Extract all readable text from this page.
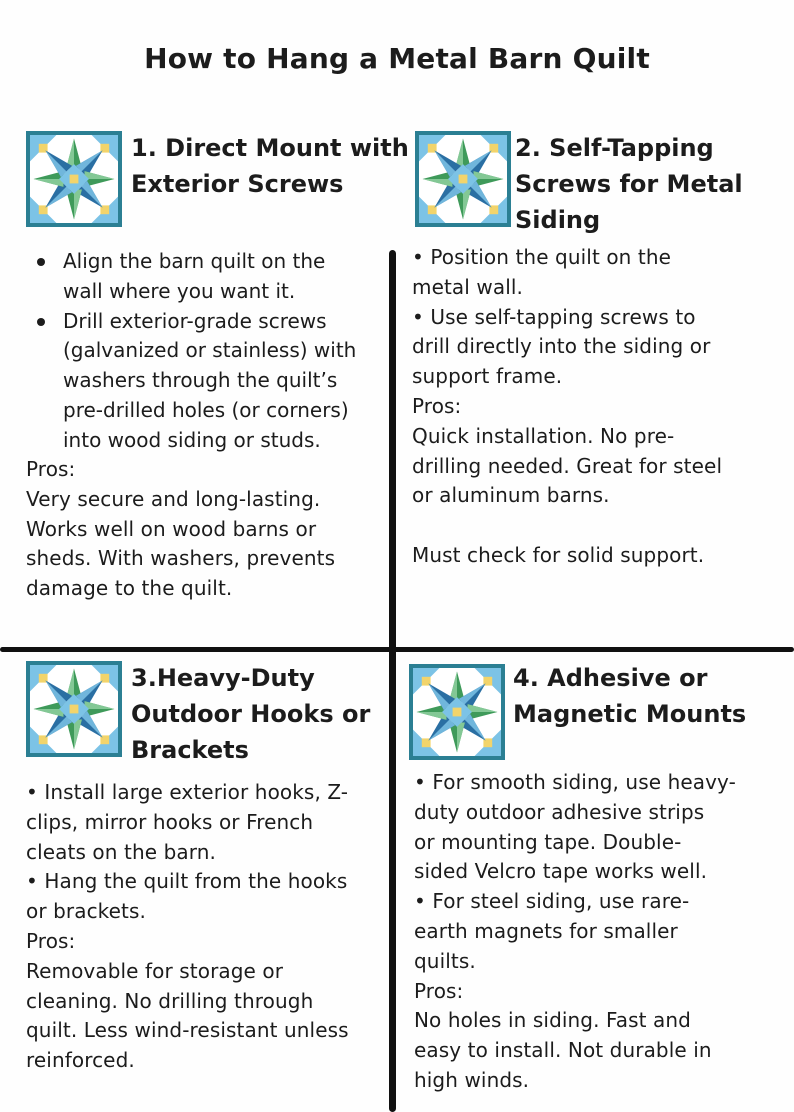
How to Hang a Metal Barn Quilt
1. Direct Mount with
Exterior Screws
Align the barn quilt on the
wall where you want it.
Drill exterior-grade screws
(galvanized or stainless) with
washers through the quilt’s
pre-drilled holes (or corners)
into wood siding or studs.
Pros:
Very secure and long-lasting.
Works well on wood barns or
sheds. With washers, prevents
damage to the quilt.
2. Self-Tapping
Screws for Metal
Siding
• Position the quilt on the
metal wall.
• Use self-tapping screws to
drill directly into the siding or
support frame.
Pros:
Quick installation. No pre-
drilling needed. Great for steel
or aluminum barns.

Must check for solid support.
3.Heavy-Duty
Outdoor Hooks or
Brackets
• Install large exterior hooks, Z-
clips, mirror hooks or French
cleats on the barn.
• Hang the quilt from the hooks
or brackets.
Pros:
Removable for storage or
cleaning. No drilling through
quilt. Less wind-resistant unless
reinforced.
4. Adhesive or
Magnetic Mounts
• For smooth siding, use heavy-
duty outdoor adhesive strips
or mounting tape. Double-
sided Velcro tape works well.
• For steel siding, use rare-
earth magnets for smaller
quilts.
Pros:
No holes in siding. Fast and
easy to install. Not durable in
high winds.
